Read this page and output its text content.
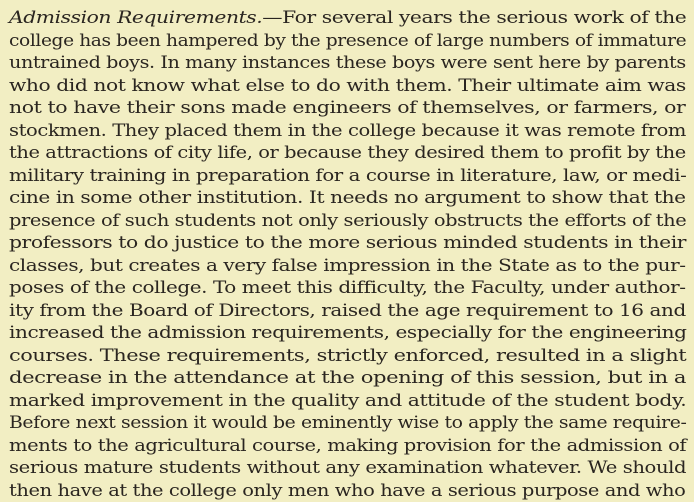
Admission Requirements.—For several years the serious work of the
college has been hampered by the presence of large numbers of immature
untrained boys. In many instances these boys were sent here by parents
who did not know what else to do with them. Their ultimate aim was
not to have their sons made engineers of themselves, or farmers, or
stockmen. They placed them in the college because it was remote from
the attractions of city life, or because they desired them to profit by the
military training in preparation for a course in literature, law, or medi-
cine in some other institution. It needs no argument to show that the
presence of such students not only seriously obstructs the efforts of the
professors to do justice to the more serious minded students in their
classes, but creates a very false impression in the State as to the pur-
poses of the college. To meet this difficulty, the Faculty, under author-
ity from the Board of Directors, raised the age requirement to 16 and
increased the admission requirements, especially for the engineering
courses. These requirements, strictly enforced, resulted in a slight
decrease in the attendance at the opening of this session, but in a
marked improvement in the quality and attitude of the student body.
Before next session it would be eminently wise to apply the same require-
ments to the agricultural course, making provision for the admission of
serious mature students without any examination whatever. We should
then have at the college only men who have a serious purpose and who
